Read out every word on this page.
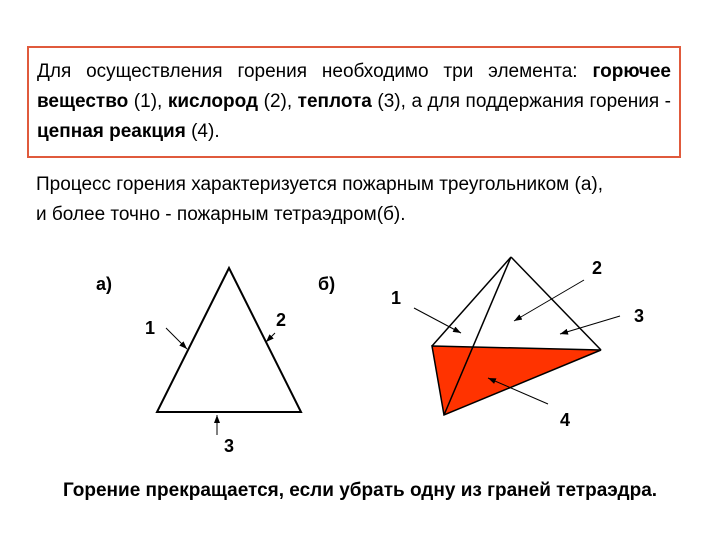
Для осуществления горения необходимо три элемента: горючее вещество (1), кислород (2), теплота (3), а для поддержания горения - цепная реакция (4).
Процесс горения характеризуется пожарным треугольником (а),
и более точно - пожарным тетраэдром(б).
а)
1	2
3
б)
1
2
3
4
Горение прекращается, если убрать одну из граней тетраэдра.
